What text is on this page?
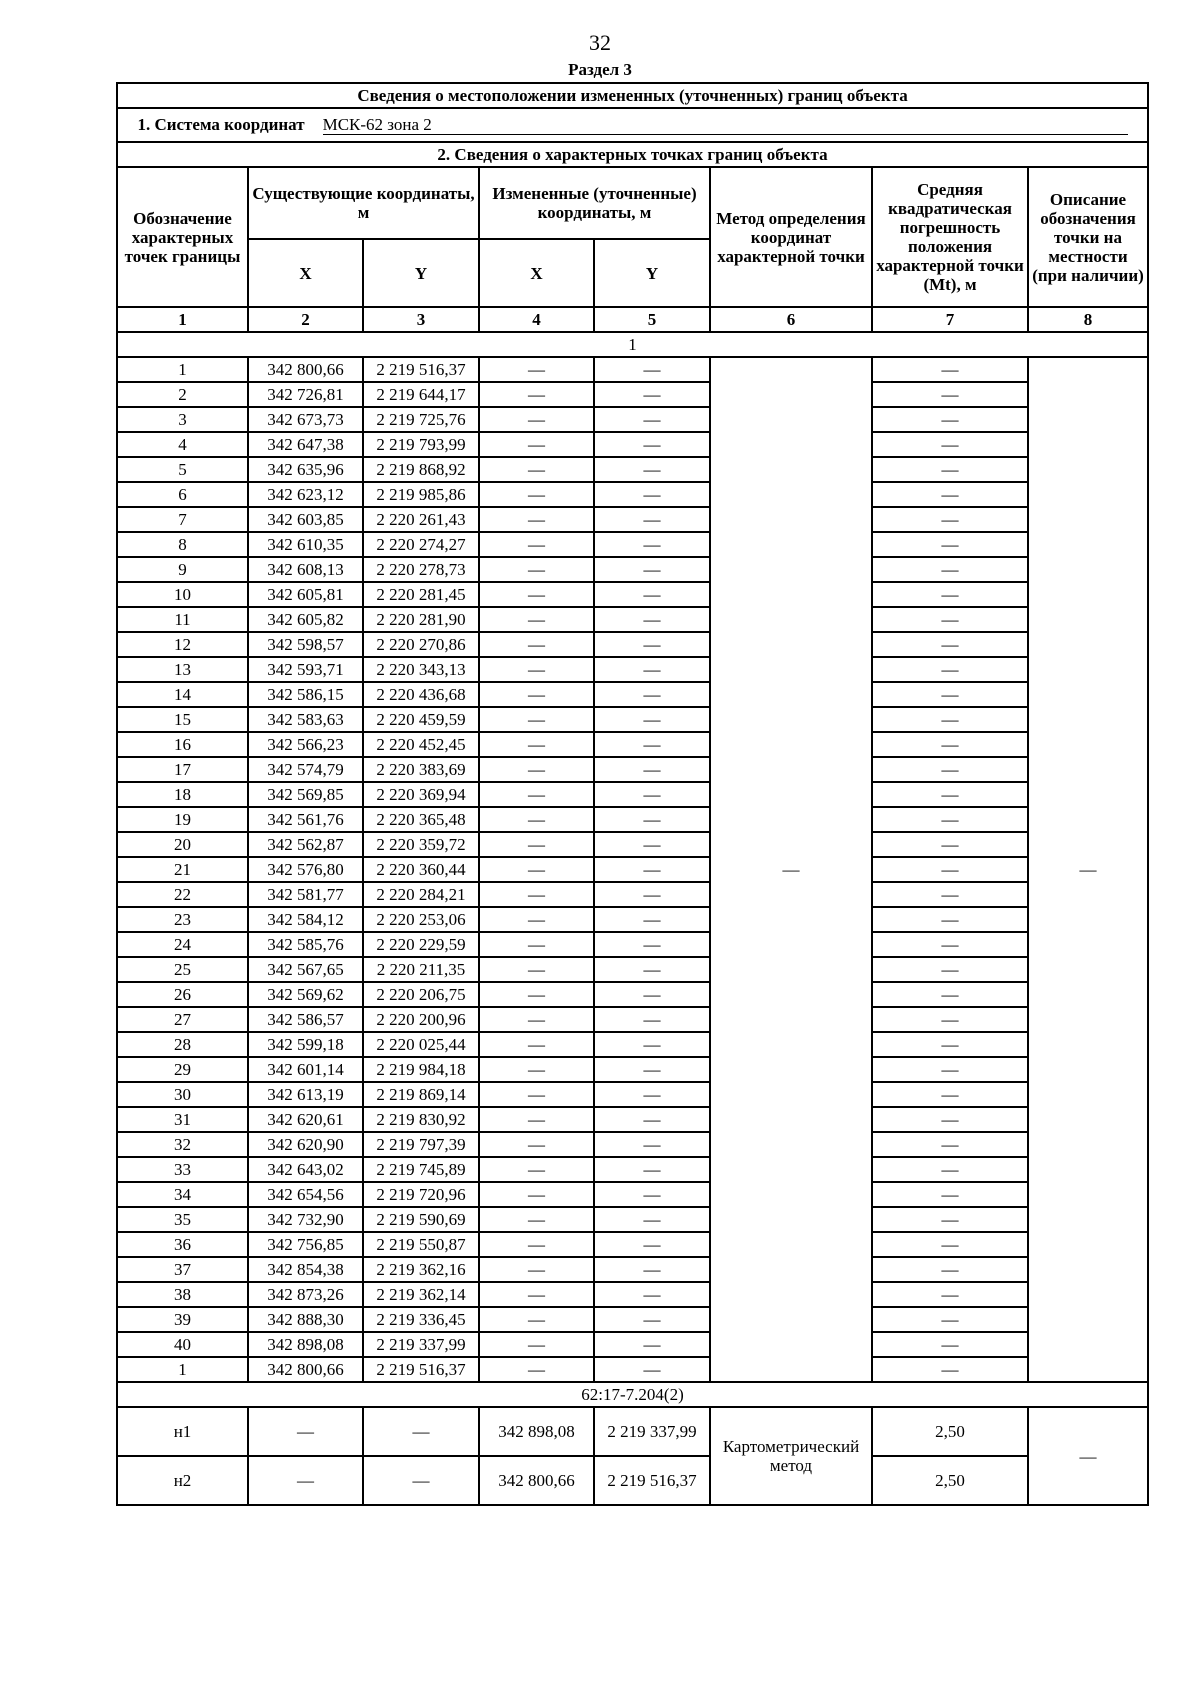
32
Раздел 3
Сведения о местоположении измененных (уточненных) границ объекта							
1. Система координат МСК-62 зона 2							
2. Сведения о характерных точках границ объекта							
Обозначение характерных точек границы	Существующие координаты, м		Измененные (уточненные) координаты, м		Метод определения координат характерной точки	Средняя квадратическая погрешность положения характерной точки (Mt), м	Описание обозначения точки на местности (при наличии)
	X	Y	X	Y			
1	2	3	4	5	6	7	8
1							
1	342 800,66	2 219 516,37	—	—	—	—	—
2	342 726,81	2 219 644,17	—	—		—	
3	342 673,73	2 219 725,76	—	—		—	
4	342 647,38	2 219 793,99	—	—		—	
5	342 635,96	2 219 868,92	—	—		—	
6	342 623,12	2 219 985,86	—	—		—	
7	342 603,85	2 220 261,43	—	—		—	
8	342 610,35	2 220 274,27	—	—		—	
9	342 608,13	2 220 278,73	—	—		—	
10	342 605,81	2 220 281,45	—	—		—	
11	342 605,82	2 220 281,90	—	—		—	
12	342 598,57	2 220 270,86	—	—		—	
13	342 593,71	2 220 343,13	—	—		—	
14	342 586,15	2 220 436,68	—	—		—	
15	342 583,63	2 220 459,59	—	—		—	
16	342 566,23	2 220 452,45	—	—		—	
17	342 574,79	2 220 383,69	—	—		—	
18	342 569,85	2 220 369,94	—	—		—	
19	342 561,76	2 220 365,48	—	—		—	
20	342 562,87	2 220 359,72	—	—		—	
21	342 576,80	2 220 360,44	—	—		—	
22	342 581,77	2 220 284,21	—	—		—	
23	342 584,12	2 220 253,06	—	—		—	
24	342 585,76	2 220 229,59	—	—		—	
25	342 567,65	2 220 211,35	—	—		—	
26	342 569,62	2 220 206,75	—	—		—	
27	342 586,57	2 220 200,96	—	—		—	
28	342 599,18	2 220 025,44	—	—		—	
29	342 601,14	2 219 984,18	—	—		—	
30	342 613,19	2 219 869,14	—	—		—	
31	342 620,61	2 219 830,92	—	—		—	
32	342 620,90	2 219 797,39	—	—		—	
33	342 643,02	2 219 745,89	—	—		—	
34	342 654,56	2 219 720,96	—	—		—	
35	342 732,90	2 219 590,69	—	—		—	
36	342 756,85	2 219 550,87	—	—		—	
37	342 854,38	2 219 362,16	—	—		—	
38	342 873,26	2 219 362,14	—	—		—	
39	342 888,30	2 219 336,45	—	—		—	
40	342 898,08	2 219 337,99	—	—		—	
1	342 800,66	2 219 516,37	—	—		—	
62:17-7.204(2)							
н1	—	—	342 898,08	2 219 337,99	Картометрический метод	2,50	—
н2	—	—	342 800,66	2 219 516,37		2,50	
